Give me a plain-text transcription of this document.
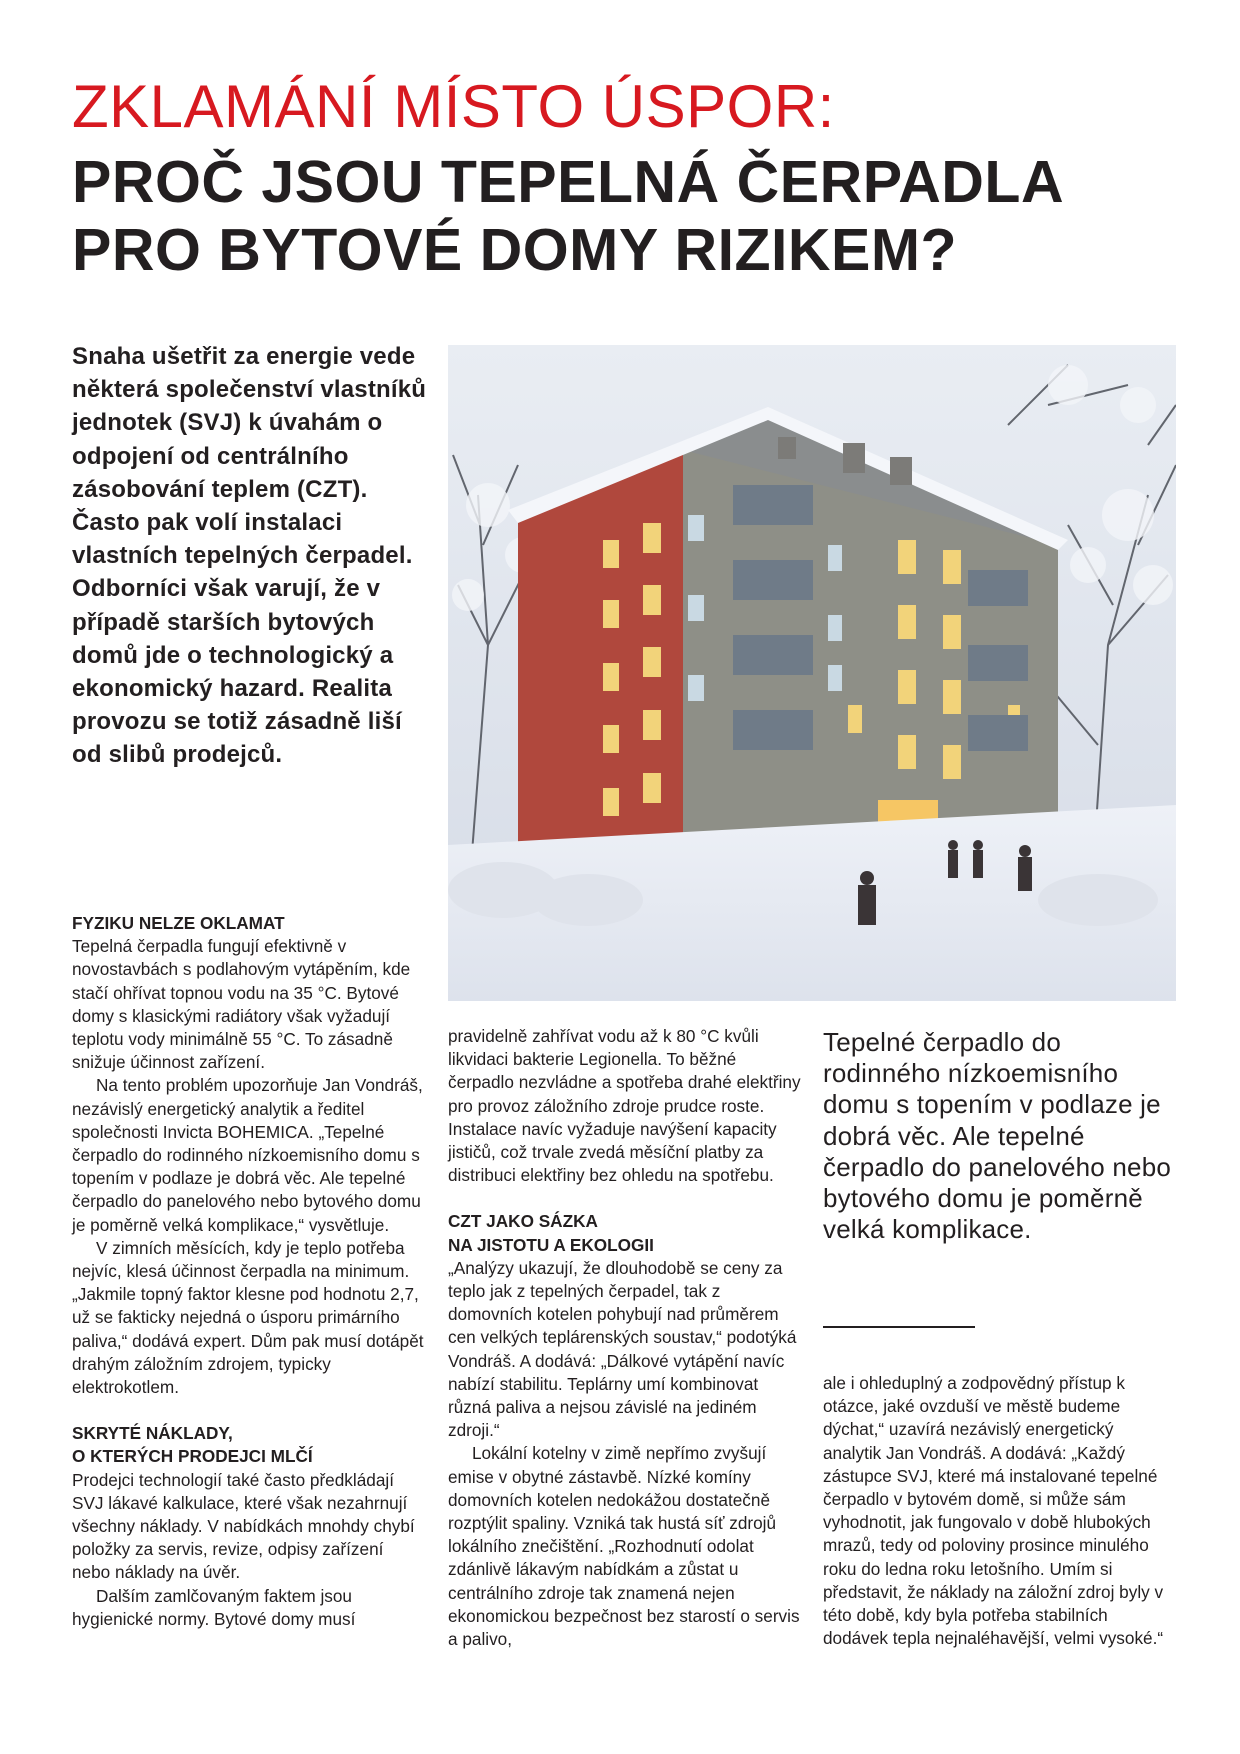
ZKLAMÁNÍ MÍSTO ÚSPOR:
PROČ JSOU TEPELNÁ ČERPADLA
PRO BYTOVÉ DOMY RIZIKEM?
Snaha ušetřit za energie vede některá společenství vlastníků jednotek (SVJ) k úvahám o odpojení od centrálního zásobování teplem (CZT). Často pak volí instalaci vlastních tepelných čerpadel. Odborníci však varují, že v případě starších bytových domů jde o technologický a ekonomický hazard. Realita provozu se totiž zásadně liší od slibů prodejců.

FYZIKU NELZE OKLAMAT

Tepelná čerpadla fungují efektivně v novostavbách s podlahovým vytápěním, kde stačí ohřívat topnou vodu na 35 °C. Bytové domy s klasickými radiátory však vyžadují teplotu vody minimálně 55 °C. To zásadně snižuje účinnost zařízení.

Na tento problém upozorňuje Jan Vondráš, nezávislý energetický analytik a ředitel společnosti Invicta BOHEMICA. „Tepelné čerpadlo do rodinného nízkoemisního domu s topením v podlaze je dobrá věc. Ale tepelné čerpadlo do panelového nebo bytového domu je poměrně velká komplikace,“ vysvětluje.

V zimních měsících, kdy je teplo potřeba nejvíc, klesá účinnost čerpadla na minimum. „Jakmile topný faktor klesne pod hodnotu 2,7, už se fakticky nejedná o úsporu primárního paliva,“ dodává expert. Dům pak musí dotápět drahým záložním zdrojem, typicky elektrokotlem.

SKRYTÉ NÁKLADY,

O KTERÝCH PRODEJCI MLČÍ

Prodejci technologií také často předkládají SVJ lákavé kalkulace, které však nezahrnují všechny náklady. V nabídkách mnohdy chybí položky za servis, revize, odpisy zařízení nebo náklady na úvěr.

Dalším zamlčovaným faktem jsou hygienické normy. Bytové domy musí

pravidelně zahřívat vodu až k 80 °C kvůli likvidaci bakterie Legionella. To běžné čerpadlo nezvládne a spotřeba drahé elektřiny pro provoz záložního zdroje prudce roste. Instalace navíc vyžaduje navýšení kapacity jističů, což trvale zvedá měsíční platby za distribuci elektřiny bez ohledu na spotřebu.

CZT JAKO SÁZKA

NA JISTOTU A EKOLOGII

„Analýzy ukazují, že dlouhodobě se ceny za teplo jak z tepelných čerpadel, tak z domovních kotelen pohybují nad průměrem cen velkých teplárenských soustav,“ podotýká Vondráš. A dodává: „Dálkové vytápění navíc nabízí stabilitu. Teplárny umí kombinovat různá paliva a nejsou závislé na jediném zdroji.“

Lokální kotelny v zimě nepřímo zvyšují emise v obytné zástavbě. Nízké komíny domovních kotelen nedokážou dostatečně rozptýlit spaliny. Vzniká tak hustá síť zdrojů lokálního znečištění. „Rozhodnutí odolat zdánlivě lákavým nabídkám a zůstat u centrálního zdroje tak znamená nejen ekonomickou bezpečnost bez starostí o servis a palivo,

Tepelné čerpadlo do rodinného nízkoemisního domu s topením v podlaze je dobrá věc. Ale tepelné čerpadlo do panelového nebo bytového domu je poměrně velká komplikace.

ale i ohleduplný a zodpovědný přístup k otázce, jaké ovzduší ve městě budeme dýchat,“ uzavírá nezávislý energetický analytik Jan Vondráš. A dodává: „Každý zástupce SVJ, které má instalované tepelné čerpadlo v bytovém domě, si může sám vyhodnotit, jak fungovalo v době hlubokých mrazů, tedy od poloviny prosince minulého roku do ledna roku letošního. Umím si představit, že náklady na záložní zdroj byly v této době, kdy byla potřeba stabilních dodávek tepla nejnaléhavější, velmi vysoké.“
